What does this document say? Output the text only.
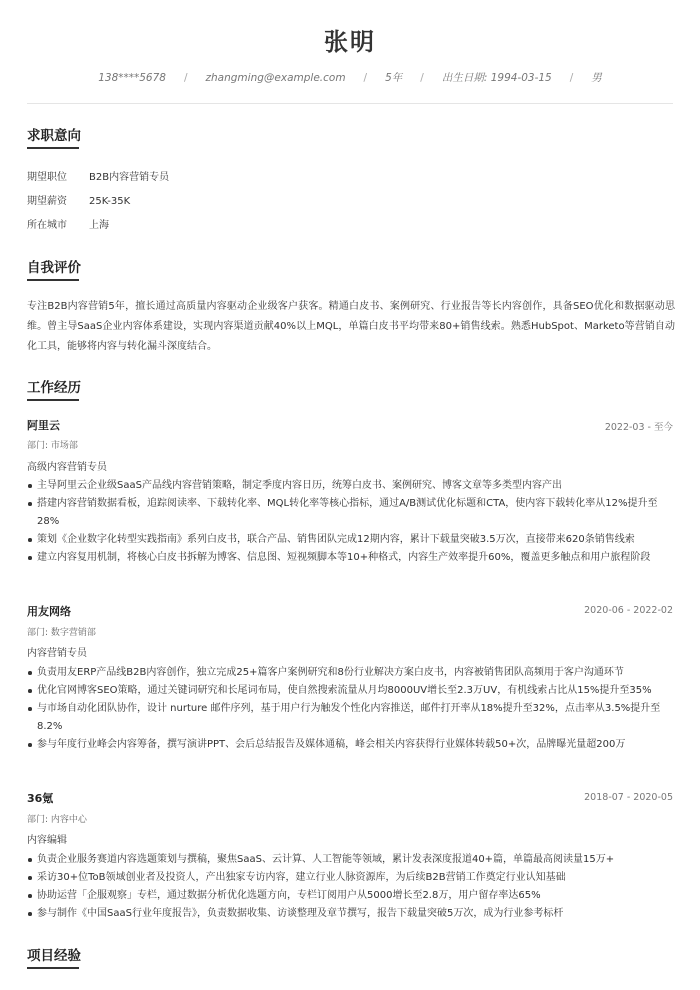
张明
138****5678 / zhangming@example.com / 5年 / 出生日期: 1994-03-15 / 男
求职意向
期望职位 B2B内容营销专员
期望薪资 25K-35K
所在城市 上海
自我评价

专注B2B内容营销5年，擅长通过高质量内容驱动企业级客户获客。精通白皮书、案例研究、行业报告等长内容创作，具备SEO优化和数据驱动思维。曾主导SaaS企业内容体系建设，实现内容渠道贡献40%以上MQL，单篇白皮书平均带来80+销售线索。熟悉HubSpot、Marketo等营销自动化工具，能够将内容与转化漏斗深度结合。

工作经历
阿里云	2022-03 - 至今
部门: 市场部
高级内容营销专员
主导阿里云企业级SaaS产品线内容营销策略，制定季度内容日历，统筹白皮书、案例研究、博客文章等多类型内容产出
搭建内容营销数据看板，追踪阅读率、下载转化率、MQL转化率等核心指标，通过A/B测试优化标题和CTA，使内容下载转化率从12%提升至28%
策划《企业数字化转型实践指南》系列白皮书，联合产品、销售团队完成12期内容，累计下载量突破3.5万次，直接带来620条销售线索
建立内容复用机制，将核心白皮书拆解为博客、信息图、短视频脚本等10+种格式，内容生产效率提升60%，覆盖更多触点和用户旅程阶段
用友网络	2020-06 - 2022-02
部门: 数字营销部
内容营销专员
负责用友ERP产品线B2B内容创作，独立完成25+篇客户案例研究和8份行业解决方案白皮书，内容被销售团队高频用于客户沟通环节
优化官网博客SEO策略，通过关键词研究和长尾词布局，使自然搜索流量从月均8000UV增长至2.3万UV，有机线索占比从15%提升至35%
与市场自动化团队协作，设计 nurture 邮件序列，基于用户行为触发个性化内容推送，邮件打开率从18%提升至32%，点击率从3.5%提升至8.2%
参与年度行业峰会内容筹备，撰写演讲PPT、会后总结报告及媒体通稿，峰会相关内容获得行业媒体转载50+次，品牌曝光量超200万
36氪	2018-07 - 2020-05
部门: 内容中心
内容编辑
负责企业服务赛道内容选题策划与撰稿，聚焦SaaS、云计算、人工智能等领域，累计发表深度报道40+篇，单篇最高阅读量15万+
采访30+位ToB领域创业者及投资人，产出独家专访内容，建立行业人脉资源库，为后续B2B营销工作奠定行业认知基础
协助运营「企服观察」专栏，通过数据分析优化选题方向，专栏订阅用户从5000增长至2.8万，用户留存率达65%
参与制作《中国SaaS行业年度报告》，负责数据收集、访谈整理及章节撰写，报告下载量突破5万次，成为行业参考标杆
项目经验
